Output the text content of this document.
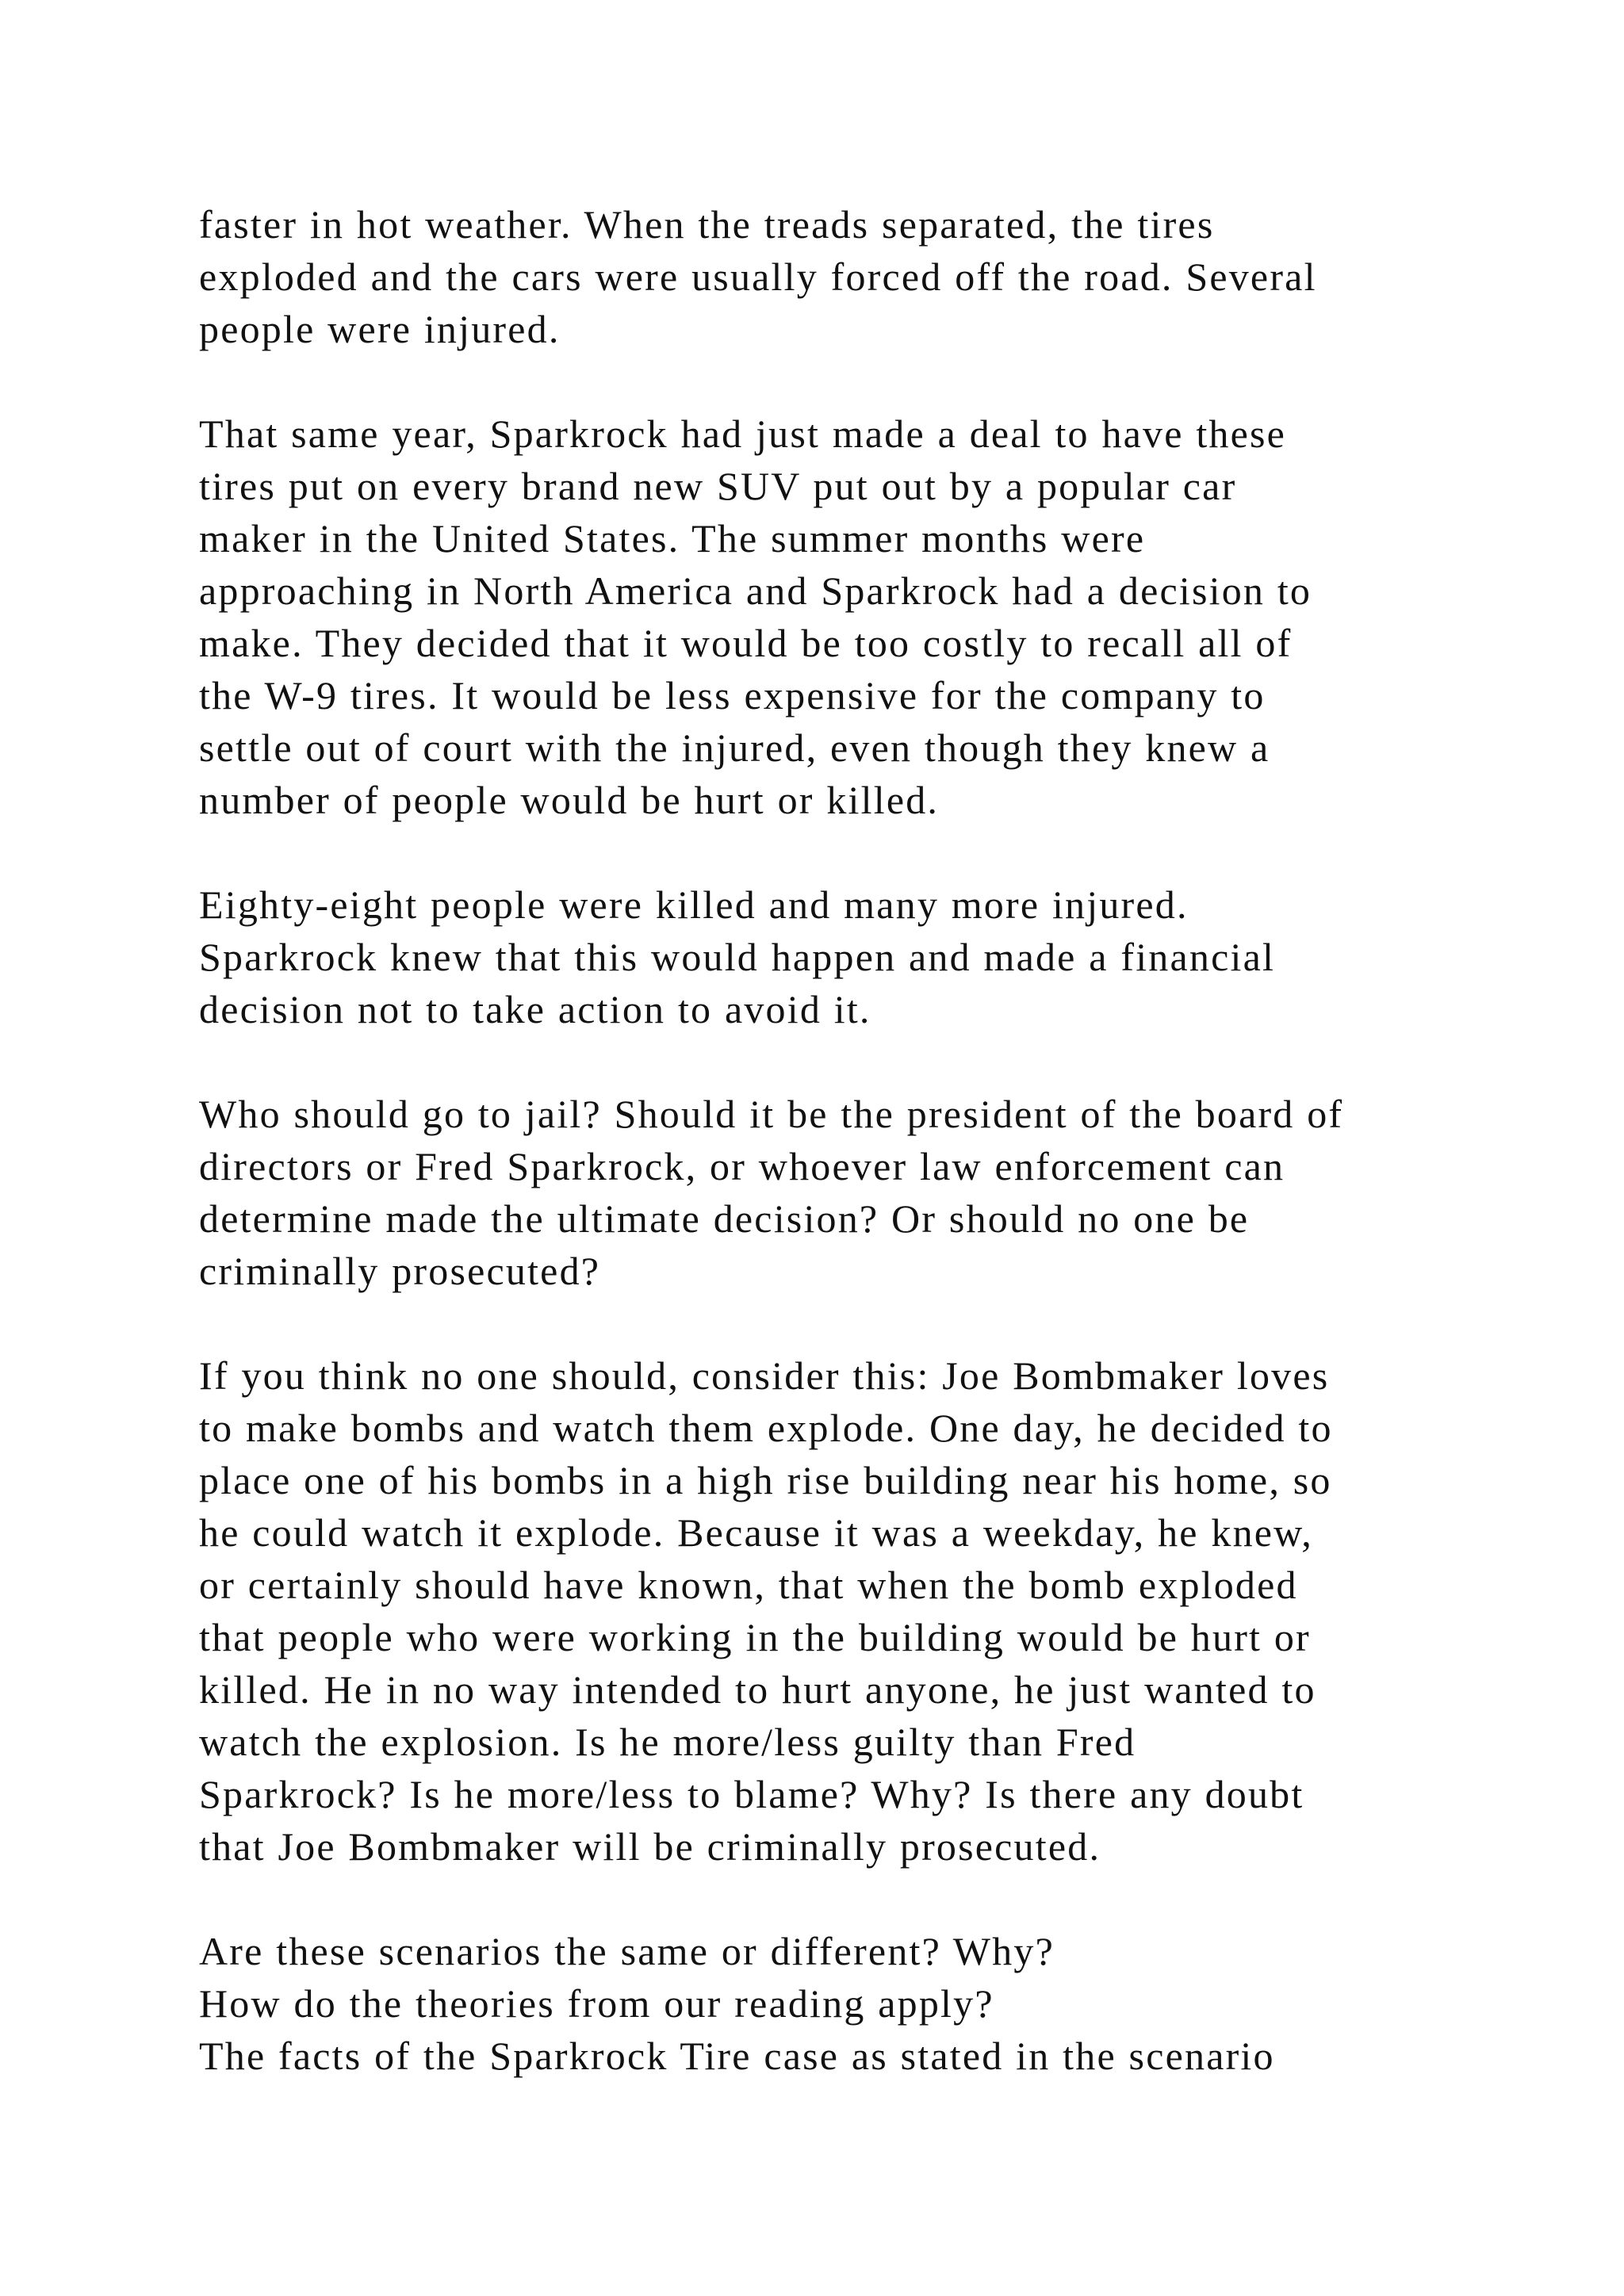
faster in hot weather. When the treads separated, the tires
exploded and the cars were usually forced off the road. Several
people were injured.

That same year, Sparkrock had just made a deal to have these
tires put on every brand new SUV put out by a popular car
maker in the United States. The summer months were
approaching in North America and Sparkrock had a decision to
make. They decided that it would be too costly to recall all of
the W-9 tires. It would be less expensive for the company to
settle out of court with the injured, even though they knew a
number of people would be hurt or killed.

Eighty-eight people were killed and many more injured.
Sparkrock knew that this would happen and made a financial
decision not to take action to avoid it.

Who should go to jail? Should it be the president of the board of
directors or Fred Sparkrock, or whoever law enforcement can
determine made the ultimate decision? Or should no one be
criminally prosecuted?

If you think no one should, consider this: Joe Bombmaker loves
to make bombs and watch them explode. One day, he decided to
place one of his bombs in a high rise building near his home, so
he could watch it explode. Because it was a weekday, he knew,
or certainly should have known, that when the bomb exploded
that people who were working in the building would be hurt or
killed. He in no way intended to hurt anyone, he just wanted to
watch the explosion. Is he more/less guilty than Fred
Sparkrock? Is he more/less to blame? Why? Is there any doubt
that Joe Bombmaker will be criminally prosecuted.

Are these scenarios the same or different? Why?
How do the theories from our reading apply?
The facts of the Sparkrock Tire case as stated in the scenario
